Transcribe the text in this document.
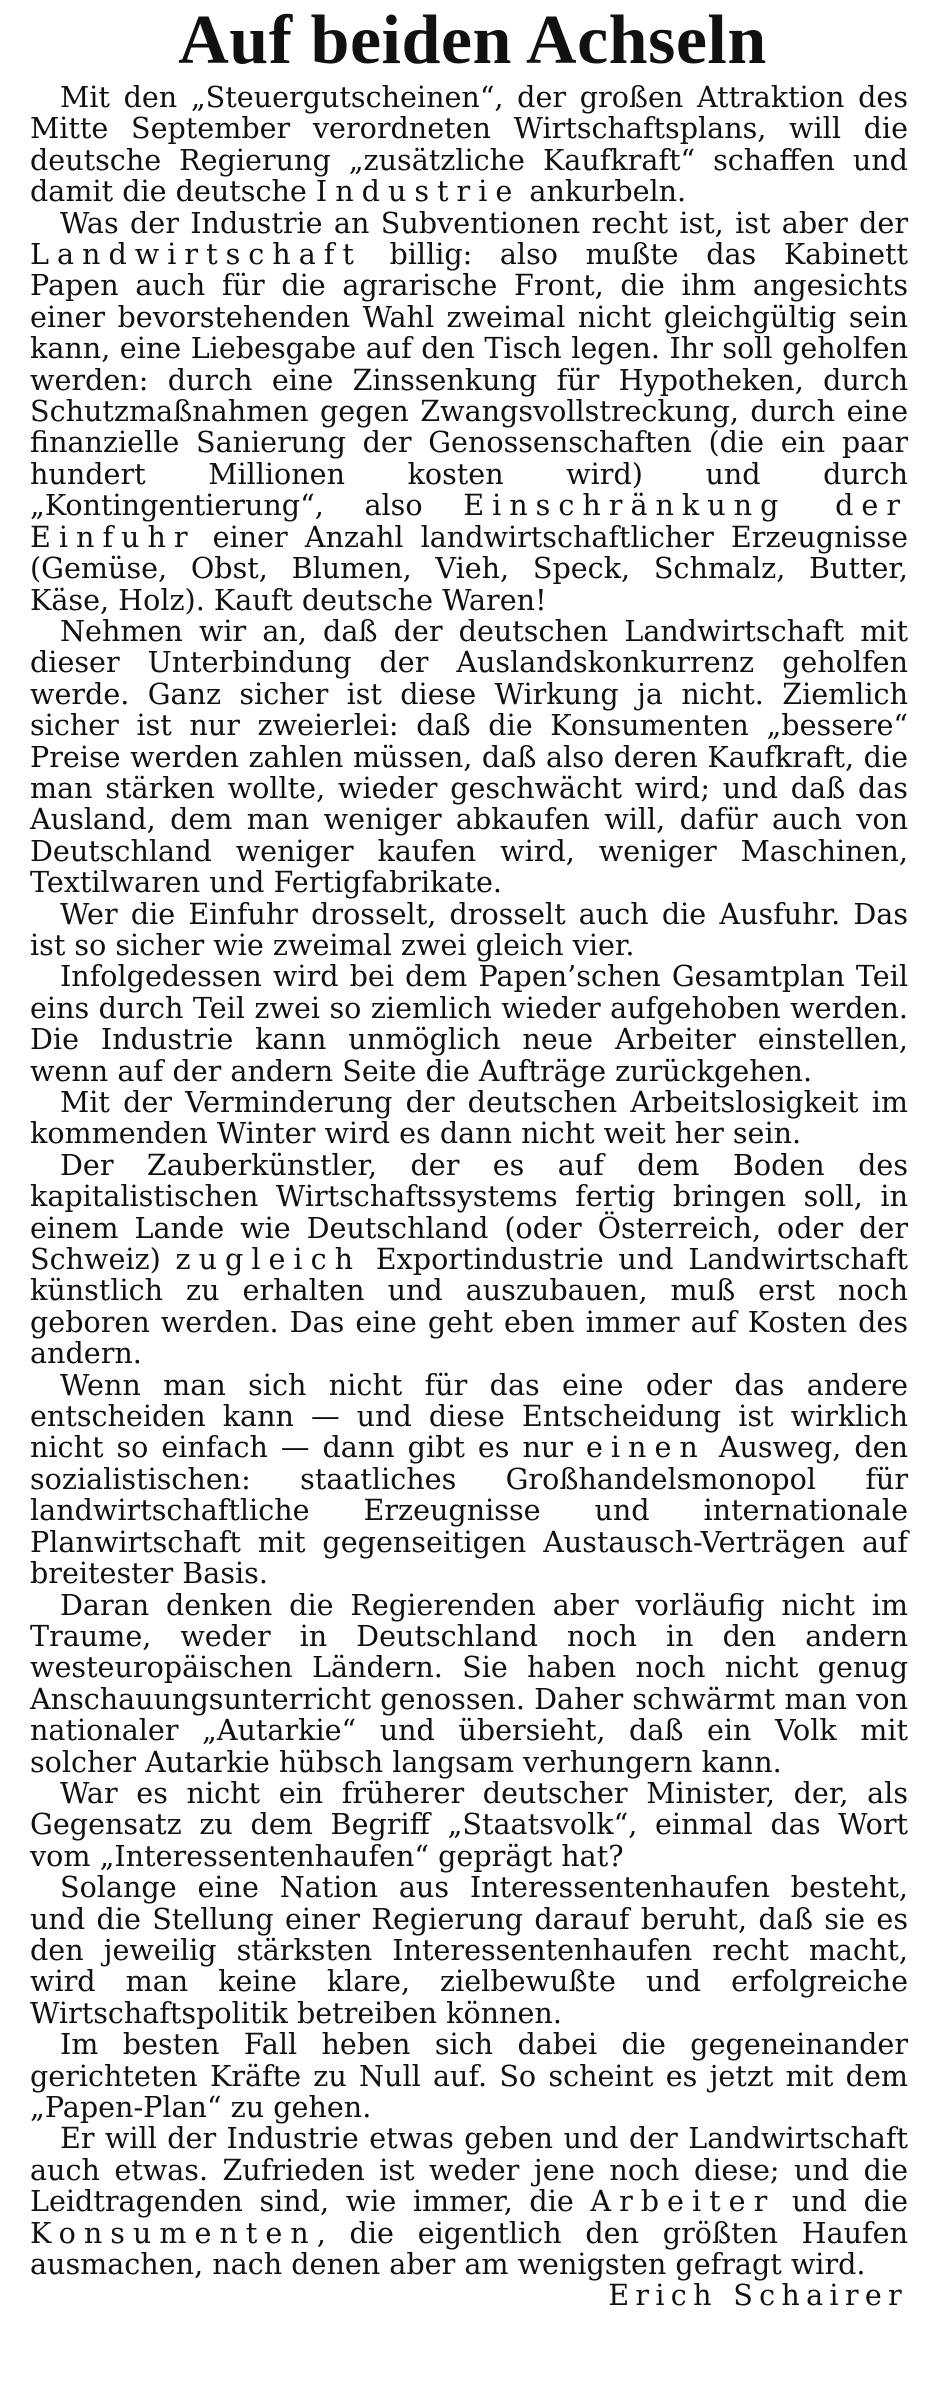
Auf beiden Achseln

Mit den „Steuergutscheinen“, der großen Attraktion des Mitte September verordneten Wirtschaftsplans, will die deutsche Regierung „zusätzliche Kaufkraft“ schaffen und damit die deutsche Industrie ankurbeln.

Was der Industrie an Subventionen recht ist, ist aber der Landwirtschaft billig: also mußte das Kabinett Papen auch für die agrarische Front, die ihm angesichts einer bevorstehenden Wahl zweimal nicht gleichgültig sein kann, eine Liebesgabe auf den Tisch legen. Ihr soll geholfen werden: durch eine Zinssenkung für Hypotheken, durch Schutzmaßnahmen gegen Zwangsvollstreckung, durch eine finanzielle Sanierung der Genossenschaften (die ein paar hundert Millionen kosten wird) und durch „Kontingentierung“, also Einschränkung der Einfuhr einer Anzahl landwirtschaftlicher Erzeugnisse (Gemüse, Obst, Blumen, Vieh, Speck, Schmalz, Butter, Käse, Holz). Kauft deutsche Waren!

Nehmen wir an, daß der deutschen Landwirtschaft mit dieser Unterbindung der Auslandskonkurrenz geholfen werde. Ganz sicher ist diese Wirkung ja nicht. Ziemlich sicher ist nur zweierlei: daß die Konsumenten „bessere“ Preise werden zahlen müssen, daß also deren Kaufkraft, die man stärken wollte, wieder geschwächt wird; und daß das Ausland, dem man weniger abkaufen will, dafür auch von Deutschland weniger kaufen wird, weniger Maschinen, Textilwaren und Fertigfabrikate.

Wer die Einfuhr drosselt, drosselt auch die Ausfuhr. Das ist so sicher wie zweimal zwei gleich vier.

Infolgedessen wird bei dem Papen’schen Gesamtplan Teil eins durch Teil zwei so ziemlich wieder aufgehoben werden. Die Industrie kann unmöglich neue Arbeiter einstellen, wenn auf der andern Seite die Aufträge zurückgehen.

Mit der Verminderung der deutschen Arbeitslosigkeit im kommenden Winter wird es dann nicht weit her sein.

Der Zauberkünstler, der es auf dem Boden des kapitalistischen Wirtschaftssystems fertig bringen soll, in einem Lande wie Deutschland (oder Österreich, oder der Schweiz) zugleich Exportindustrie und Landwirtschaft künstlich zu erhalten und auszubauen, muß erst noch geboren werden. Das eine geht eben immer auf Kosten des andern.

Wenn man sich nicht für das eine oder das andere entscheiden kann — und diese Entscheidung ist wirklich nicht so einfach — dann gibt es nur einen Ausweg, den sozialistischen: staatliches Großhandelsmonopol für landwirtschaftliche Erzeugnisse und internationale Planwirtschaft mit gegenseitigen Austausch-Verträgen auf breitester Basis.

Daran denken die Regierenden aber vorläufig nicht im Traume, weder in Deutschland noch in den andern westeuropäischen Ländern. Sie haben noch nicht genug Anschauungsunterricht genossen. Daher schwärmt man von nationaler „Autarkie“ und übersieht, daß ein Volk mit solcher Autarkie hübsch langsam verhungern kann.

War es nicht ein früherer deutscher Minister, der, als Gegensatz zu dem Begriff „Staatsvolk“, einmal das Wort vom „Interessentenhaufen“ geprägt hat?

Solange eine Nation aus Interessentenhaufen besteht, und die Stellung einer Regierung darauf beruht, daß sie es den jeweilig stärksten Interessentenhaufen recht macht, wird man keine klare, zielbewußte und erfolgreiche Wirtschaftspolitik betreiben können.

Im besten Fall heben sich dabei die gegeneinander gerichteten Kräfte zu Null auf. So scheint es jetzt mit dem „Papen-Plan“ zu gehen.

Er will der Industrie etwas geben und der Landwirtschaft auch etwas. Zufrieden ist weder jene noch diese; und die Leidtragenden sind, wie immer, die Arbeiter und die Konsumenten, die eigentlich den größten Haufen ausmachen, nach denen aber am wenigsten gefragt wird.

Erich Schairer
